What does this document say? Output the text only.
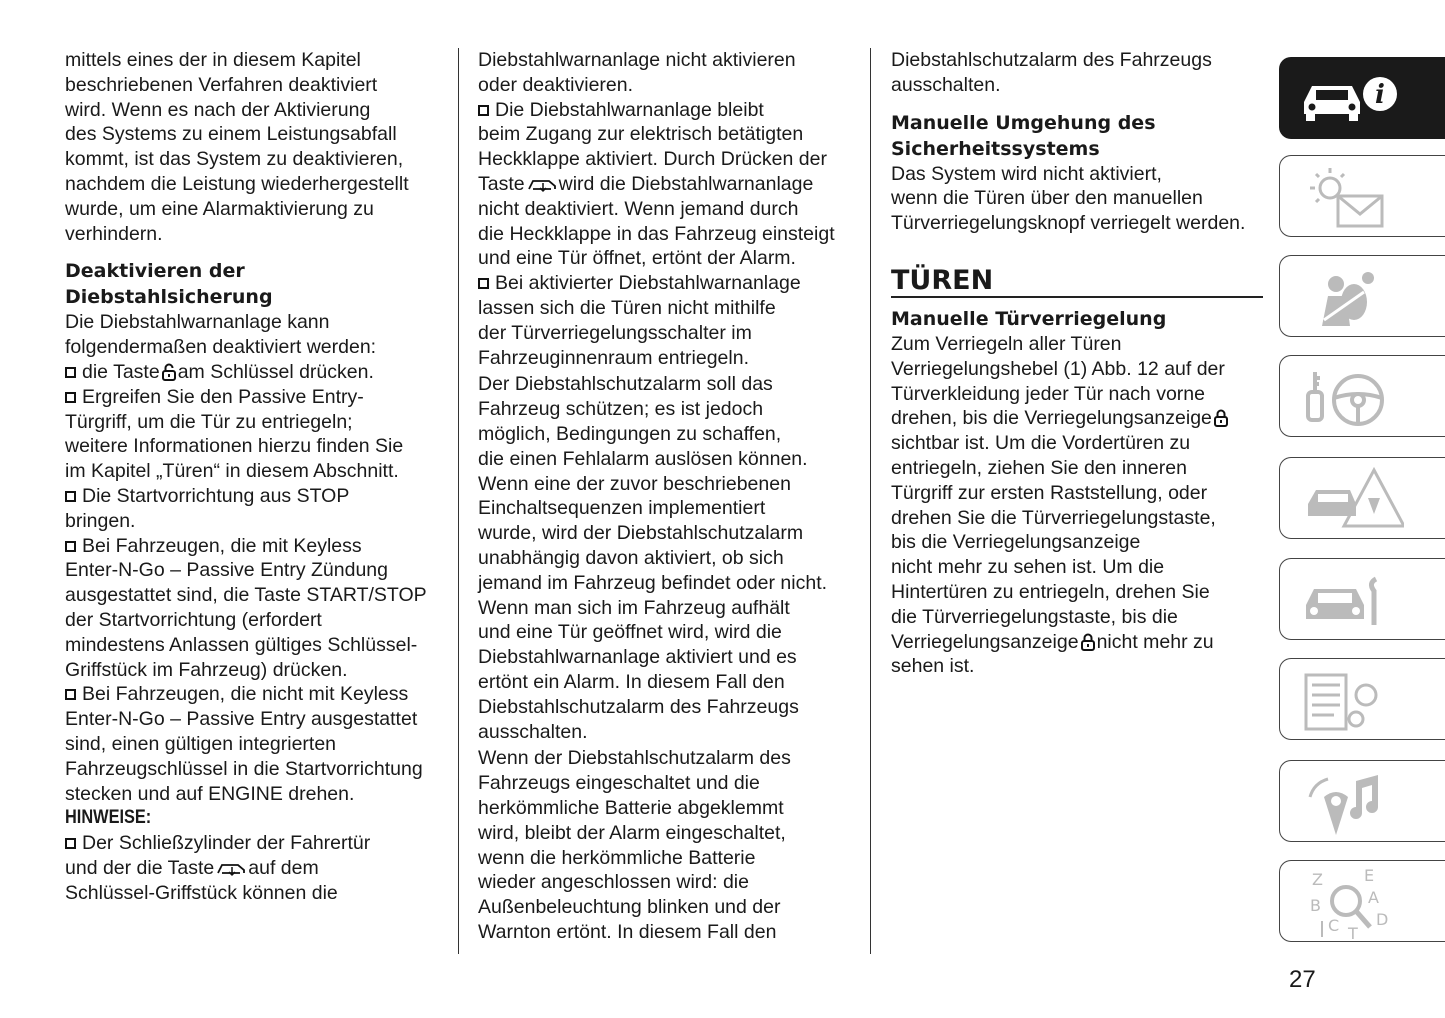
mittels eines der in diesem Kapitel
beschriebenen Verfahren deaktiviert
wird. Wenn es nach der Aktivierung
des Systems zu einem Leistungsabfall
kommt, ist das System zu deaktivieren,
nachdem die Leistung wiederhergestellt
wurde, um eine Alarmaktivierung zu
verhindern.
Deaktivieren der
Diebstahlsicherung
Die Diebstahlwarnanlage kann
folgendermaßen deaktiviert werden:
die Taste am Schlüssel drücken.
Ergreifen Sie den Passive Entry-
Türgriff, um die Tür zu entriegeln;
weitere Informationen hierzu finden Sie
im Kapitel „Türen“ in diesem Abschnitt.
Die Startvorrichtung aus STOP
bringen.
Bei Fahrzeugen, die mit Keyless
Enter-N-Go – Passive Entry Zündung
ausgestattet sind, die Taste START/STOP
der Startvorrichtung (erfordert
mindestens Anlassen gültiges Schlüssel-
Griffstück im Fahrzeug) drücken.
Bei Fahrzeugen, die nicht mit Keyless
Enter-N-Go – Passive Entry ausgestattet
sind, einen gültigen integrierten
Fahrzeugschlüssel in die Startvorrichtung
stecken und auf ENGINE drehen.
HINWEISE:
Der Schließzylinder der Fahrertür
und der die Taste auf dem
Schlüssel-Griffstück können die
Diebstahlwarnanlage nicht aktivieren
oder deaktivieren.
Die Diebstahlwarnanlage bleibt
beim Zugang zur elektrisch betätigten
Heckklappe aktiviert. Durch Drücken der
Taste wird die Diebstahlwarnanlage
nicht deaktiviert. Wenn jemand durch
die Heckklappe in das Fahrzeug einsteigt
und eine Tür öffnet, ertönt der Alarm.
Bei aktivierter Diebstahlwarnanlage
lassen sich die Türen nicht mithilfe
der Türverriegelungsschalter im
Fahrzeuginnenraum entriegeln.
Der Diebstahlschutzalarm soll das
Fahrzeug schützen; es ist jedoch
möglich, Bedingungen zu schaffen,
die einen Fehlalarm auslösen können.
Wenn eine der zuvor beschriebenen
Einchaltsequenzen implementiert
wurde, wird der Diebstahlschutzalarm
unabhängig davon aktiviert, ob sich
jemand im Fahrzeug befindet oder nicht.
Wenn man sich im Fahrzeug aufhält
und eine Tür geöffnet wird, wird die
Diebstahlwarnanlage aktiviert und es
ertönt ein Alarm. In diesem Fall den
Diebstahlschutzalarm des Fahrzeugs
ausschalten.
Wenn der Diebstahlschutzalarm des
Fahrzeugs eingeschaltet und die
herkömmliche Batterie abgeklemmt
wird, bleibt der Alarm eingeschaltet,
wenn die herkömmliche Batterie
wieder angeschlossen wird: die
Außenbeleuchtung blinken und der
Warnton ertönt. In diesem Fall den
Diebstahlschutzalarm des Fahrzeugs
ausschalten.
Manuelle Umgehung des
Sicherheitssystems
Das System wird nicht aktiviert,
wenn die Türen über den manuellen
Türverriegelungsknopf verriegelt werden.
TÜREN
Manuelle Türverriegelung
Zum Verriegeln aller Türen
Verriegelungshebel (1) Abb. 12 auf der
Türverkleidung jeder Tür nach vorne
drehen, bis die Verriegelungsanzeige
sichtbar ist. Um die Vordertüren zu
entriegeln, ziehen Sie den inneren
Türgriff zur ersten Raststellung, oder
drehen Sie die Türverriegelungstaste,
bis die Verriegelungsanzeige
nicht mehr zu sehen ist. Um die
Hintertüren zu entriegeln, drehen Sie
die Türverriegelungstaste, bis die
Verriegelungsanzeige nicht mehr zu
sehen ist.
i
Z	E
B	A
D
C T
27
